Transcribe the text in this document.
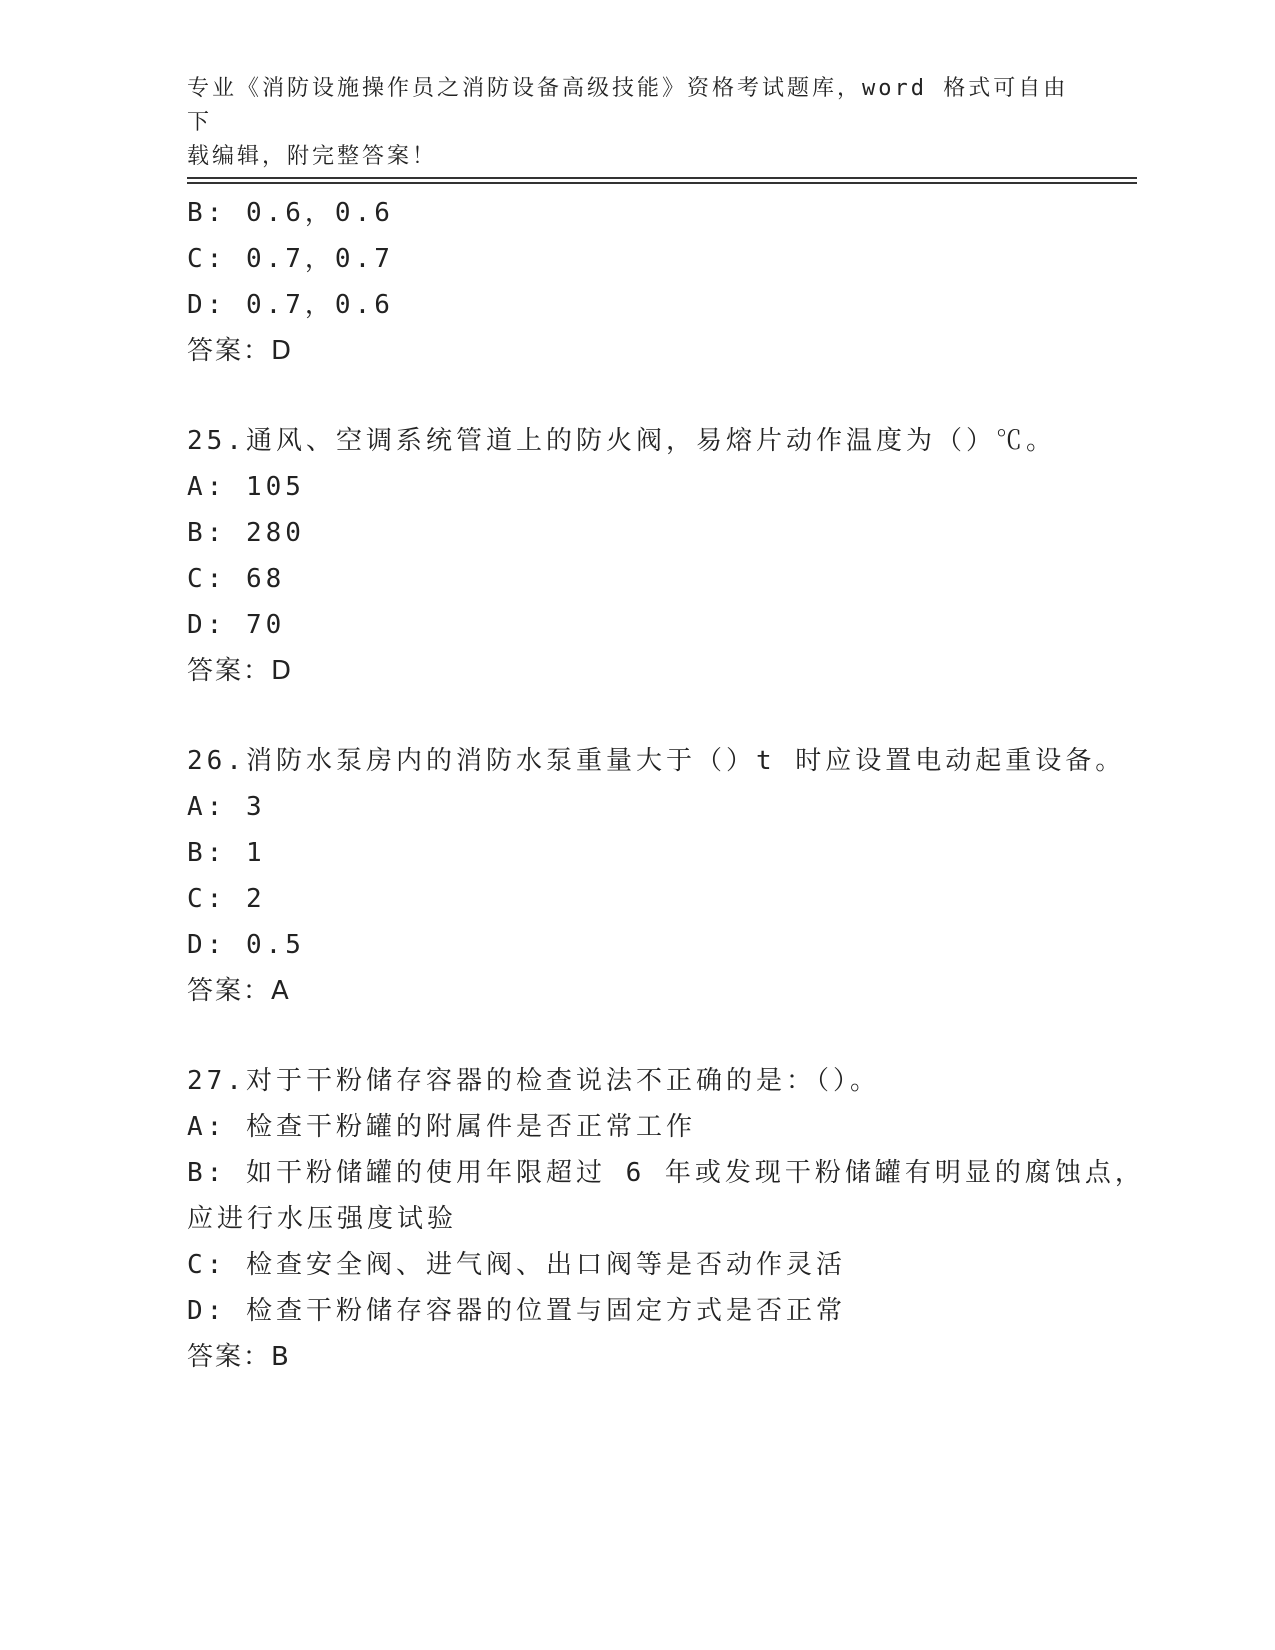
专业《消防设施操作员之消防设备高级技能》资格考试题库，word 格式可自由下
载编辑，附完整答案！
B: 0.6，0.6
C: 0.7，0.7
D: 0.7，0.6
答案：D
25.通风、空调系统管道上的防火阀，易熔片动作温度为（）℃。
A: 105
B: 280
C: 68
D: 70
答案：D
26.消防水泵房内的消防水泵重量大于（）t 时应设置电动起重设备。
A: 3
B: 1
C: 2
D: 0.5
答案：A
27.对于干粉储存容器的检查说法不正确的是：（）。
A: 检查干粉罐的附属件是否正常工作
B: 如干粉储罐的使用年限超过 6 年或发现干粉储罐有明显的腐蚀点，
应进行水压强度试验
C: 检查安全阀、进气阀、出口阀等是否动作灵活
D: 检查干粉储存容器的位置与固定方式是否正常
答案：B
